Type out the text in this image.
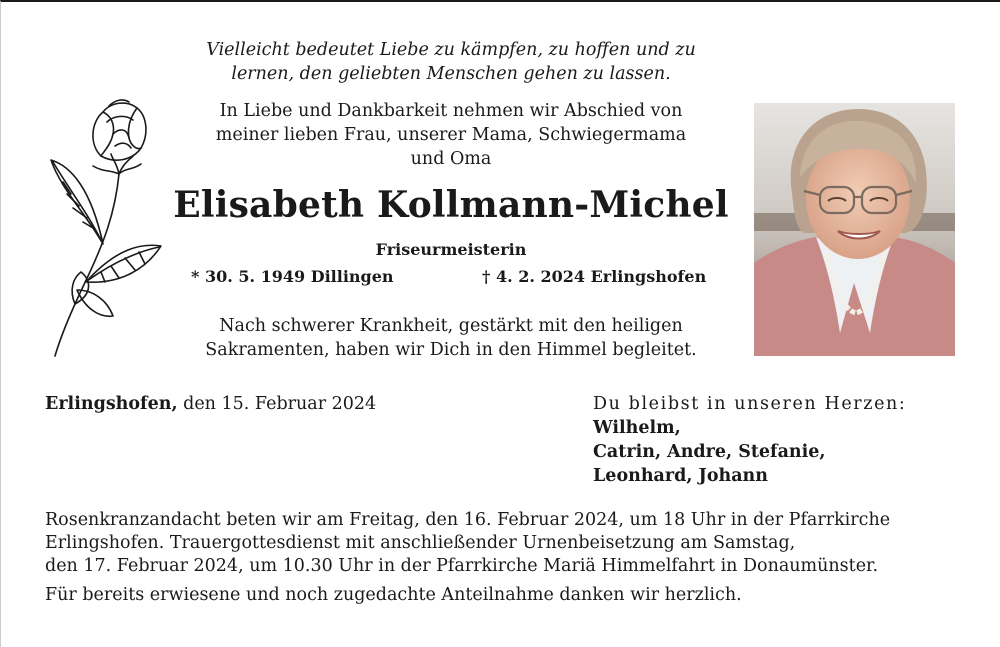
Vielleicht bedeutet Liebe zu kämpfen, zu hoffen und zu
lernen, den geliebten Menschen gehen zu lassen.
In Liebe und Dankbarkeit nehmen wir Abschied von
meiner lieben Frau, unserer Mama, Schwiegermama
und Oma
Elisabeth Kollmann-Michel
Friseurmeisterin
* 30. 5. 1949 Dillingen	† 4. 2. 2024 Erlingshofen
Nach schwerer Krankheit, gestärkt mit den heiligen
Sakramenten, haben wir Dich in den Himmel begleitet.
Erlingshofen, den 15. Februar 2024	Du bleibst in unseren Herzen:
Wilhelm,
Catrin, Andre, Stefanie,
Leonhard, Johann
Rosenkranzandacht beten wir am Freitag, den 16. Februar 2024, um 18 Uhr in der Pfarrkirche
Erlingshofen. Trauergottesdienst mit anschließender Urnenbeisetzung am Samstag,
den 17. Februar 2024, um 10.30 Uhr in der Pfarrkirche Mariä Himmelfahrt in Donaumünster.
Für bereits erwiesene und noch zugedachte Anteilnahme danken wir herzlich.
